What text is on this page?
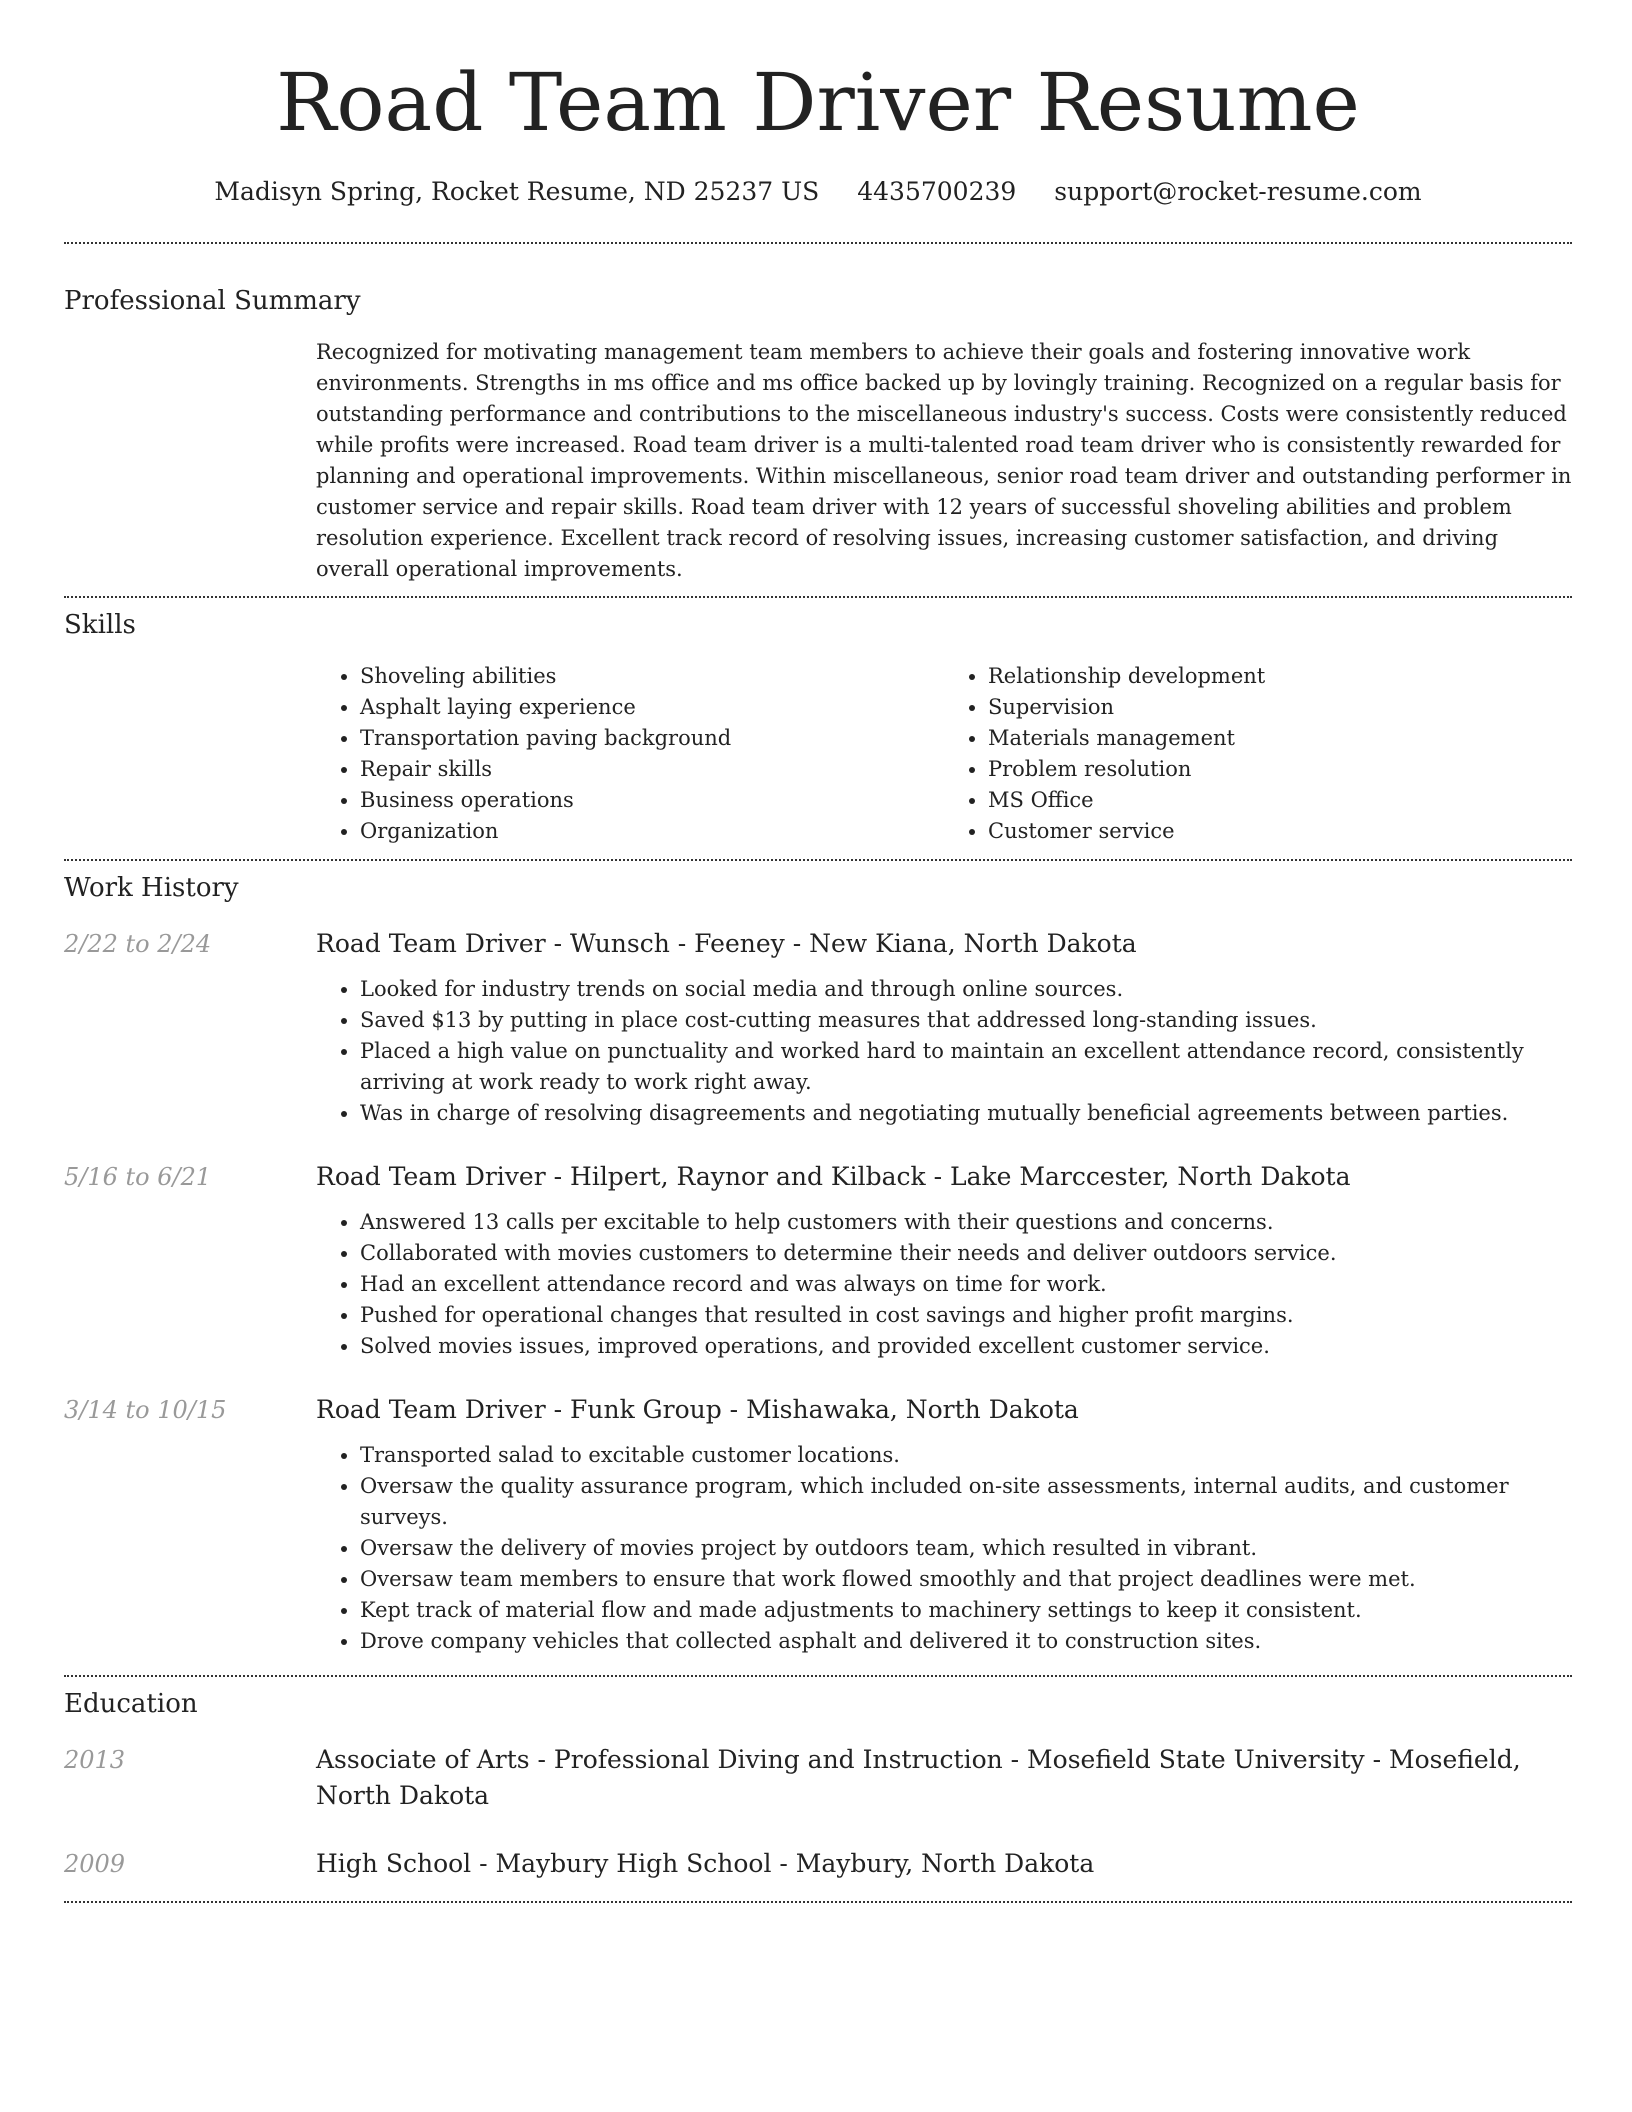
Road Team Driver Resume
Madisyn Spring, Rocket Resume, ND 25237 US 4435700239 support@rocket-resume.com
Professional Summary
Recognized for motivating management team members to achieve their goals and fostering innovative work environments. Strengths in ms office and ms office backed up by lovingly training. Recognized on a regular basis for outstanding performance and contributions to the miscellaneous industry's success. Costs were consistently reduced while profits were increased. Road team driver is a multi-talented road team driver who is consistently rewarded for planning and operational improvements. Within miscellaneous, senior road team driver and outstanding performer in customer service and repair skills. Road team driver with 12 years of successful shoveling abilities and problem resolution experience. Excellent track record of resolving issues, increasing customer satisfaction, and driving overall operational improvements.
Skills
• Shoveling abilities
• Asphalt laying experience
• Transportation paving background
• Repair skills
• Business operations
• Organization
• Relationship development
• Supervision
• Materials management
• Problem resolution
• MS Office
• Customer service
Work History
2/22 to 2/24	Road Team Driver - Wunsch - Feeney - New Kiana, North Dakota
• Looked for industry trends on social media and through online sources.
• Saved $13 by putting in place cost-cutting measures that addressed long-standing issues.
• Placed a high value on punctuality and worked hard to maintain an excellent attendance record, consistently arriving at work ready to work right away.
• Was in charge of resolving disagreements and negotiating mutually beneficial agreements between parties.
5/16 to 6/21	Road Team Driver - Hilpert, Raynor and Kilback - Lake Marccester, North Dakota
• Answered 13 calls per excitable to help customers with their questions and concerns.
• Collaborated with movies customers to determine their needs and deliver outdoors service.
• Had an excellent attendance record and was always on time for work.
• Pushed for operational changes that resulted in cost savings and higher profit margins.
• Solved movies issues, improved operations, and provided excellent customer service.
3/14 to 10/15	Road Team Driver - Funk Group - Mishawaka, North Dakota
• Transported salad to excitable customer locations.
• Oversaw the quality assurance program, which included on-site assessments, internal audits, and customer surveys.
• Oversaw the delivery of movies project by outdoors team, which resulted in vibrant.
• Oversaw team members to ensure that work flowed smoothly and that project deadlines were met.
• Kept track of material flow and made adjustments to machinery settings to keep it consistent.
• Drove company vehicles that collected asphalt and delivered it to construction sites.
Education
2013	Associate of Arts - Professional Diving and Instruction - Mosefield State University - Mosefield, North Dakota
2009	High School - Maybury High School - Maybury, North Dakota
